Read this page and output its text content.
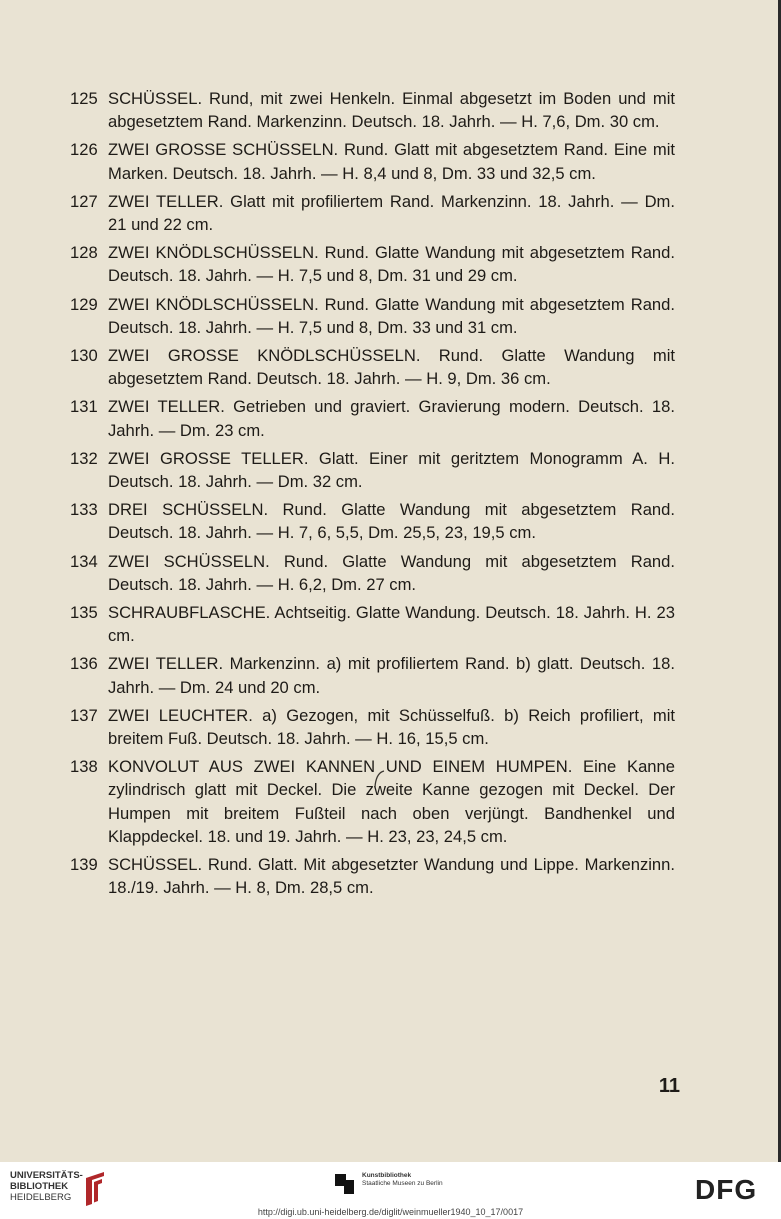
125 SCHÜSSEL. Rund, mit zwei Henkeln. Einmal abgesetzt im Boden und mit abgesetztem Rand. Markenzinn. Deutsch. 18. Jahrh. — H. 7,6, Dm. 30 cm.
126 ZWEI GROSSE SCHÜSSELN. Rund. Glatt mit abgesetztem Rand. Eine mit Marken. Deutsch. 18. Jahrh. — H. 8,4 und 8, Dm. 33 und 32,5 cm.
127 ZWEI TELLER. Glatt mit profiliertem Rand. Markenzinn. 18. Jahrh. — Dm. 21 und 22 cm.
128 ZWEI KNÖDLSCHÜSSELN. Rund. Glatte Wandung mit abgesetztem Rand. Deutsch. 18. Jahrh. — H. 7,5 und 8, Dm. 31 und 29 cm.
129 ZWEI KNÖDLSCHÜSSELN. Rund. Glatte Wandung mit abgesetztem Rand. Deutsch. 18. Jahrh. — H. 7,5 und 8, Dm. 33 und 31 cm.
130 ZWEI GROSSE KNÖDLSCHÜSSELN. Rund. Glatte Wandung mit abgesetztem Rand. Deutsch. 18. Jahrh. — H. 9, Dm. 36 cm.
131 ZWEI TELLER. Getrieben und graviert. Gravierung modern. Deutsch. 18. Jahrh. — Dm. 23 cm.
132 ZWEI GROSSE TELLER. Glatt. Einer mit geritztem Monogramm A. H. Deutsch. 18. Jahrh. — Dm. 32 cm.
133 DREI SCHÜSSELN. Rund. Glatte Wandung mit abgesetztem Rand. Deutsch. 18. Jahrh. — H. 7, 6, 5,5, Dm. 25,5, 23, 19,5 cm.
134 ZWEI SCHÜSSELN. Rund. Glatte Wandung mit abgesetztem Rand. Deutsch. 18. Jahrh. — H. 6,2, Dm. 27 cm.
135 SCHRAUBFLASCHE. Achtseitig. Glatte Wandung. Deutsch. 18. Jahrh. H. 23 cm.
136 ZWEI TELLER. Markenzinn. a) mit profiliertem Rand. b) glatt. Deutsch. 18. Jahrh. — Dm. 24 und 20 cm.
137 ZWEI LEUCHTER. a) Gezogen, mit Schüsselfuß. b) Reich profiliert, mit breitem Fuß. Deutsch. 18. Jahrh. — H. 16, 15,5 cm.
138 KONVOLUT AUS ZWEI KANNEN UND EINEM HUMPEN. Eine Kanne zylindrisch glatt mit Deckel. Die zweite Kanne gezogen mit Deckel. Der Humpen mit breitem Fußteil nach oben verjüngt. Bandhenkel und Klappdeckel. 18. und 19. Jahrh. — H. 23, 23, 24,5 cm.
139 SCHÜSSEL. Rund. Glatt. Mit abgesetzter Wandung und Lippe. Markenzinn. 18./19. Jahrh. — H. 8, Dm. 28,5 cm.
11
UNIVERSITÄTS-
BIBLIOTHEK
HEIDELBERG
Kunstbibliothek
Staatliche Museen zu Berlin	DFG
http://digi.ub.uni-heidelberg.de/diglit/weinmueller1940_10_17/0017
